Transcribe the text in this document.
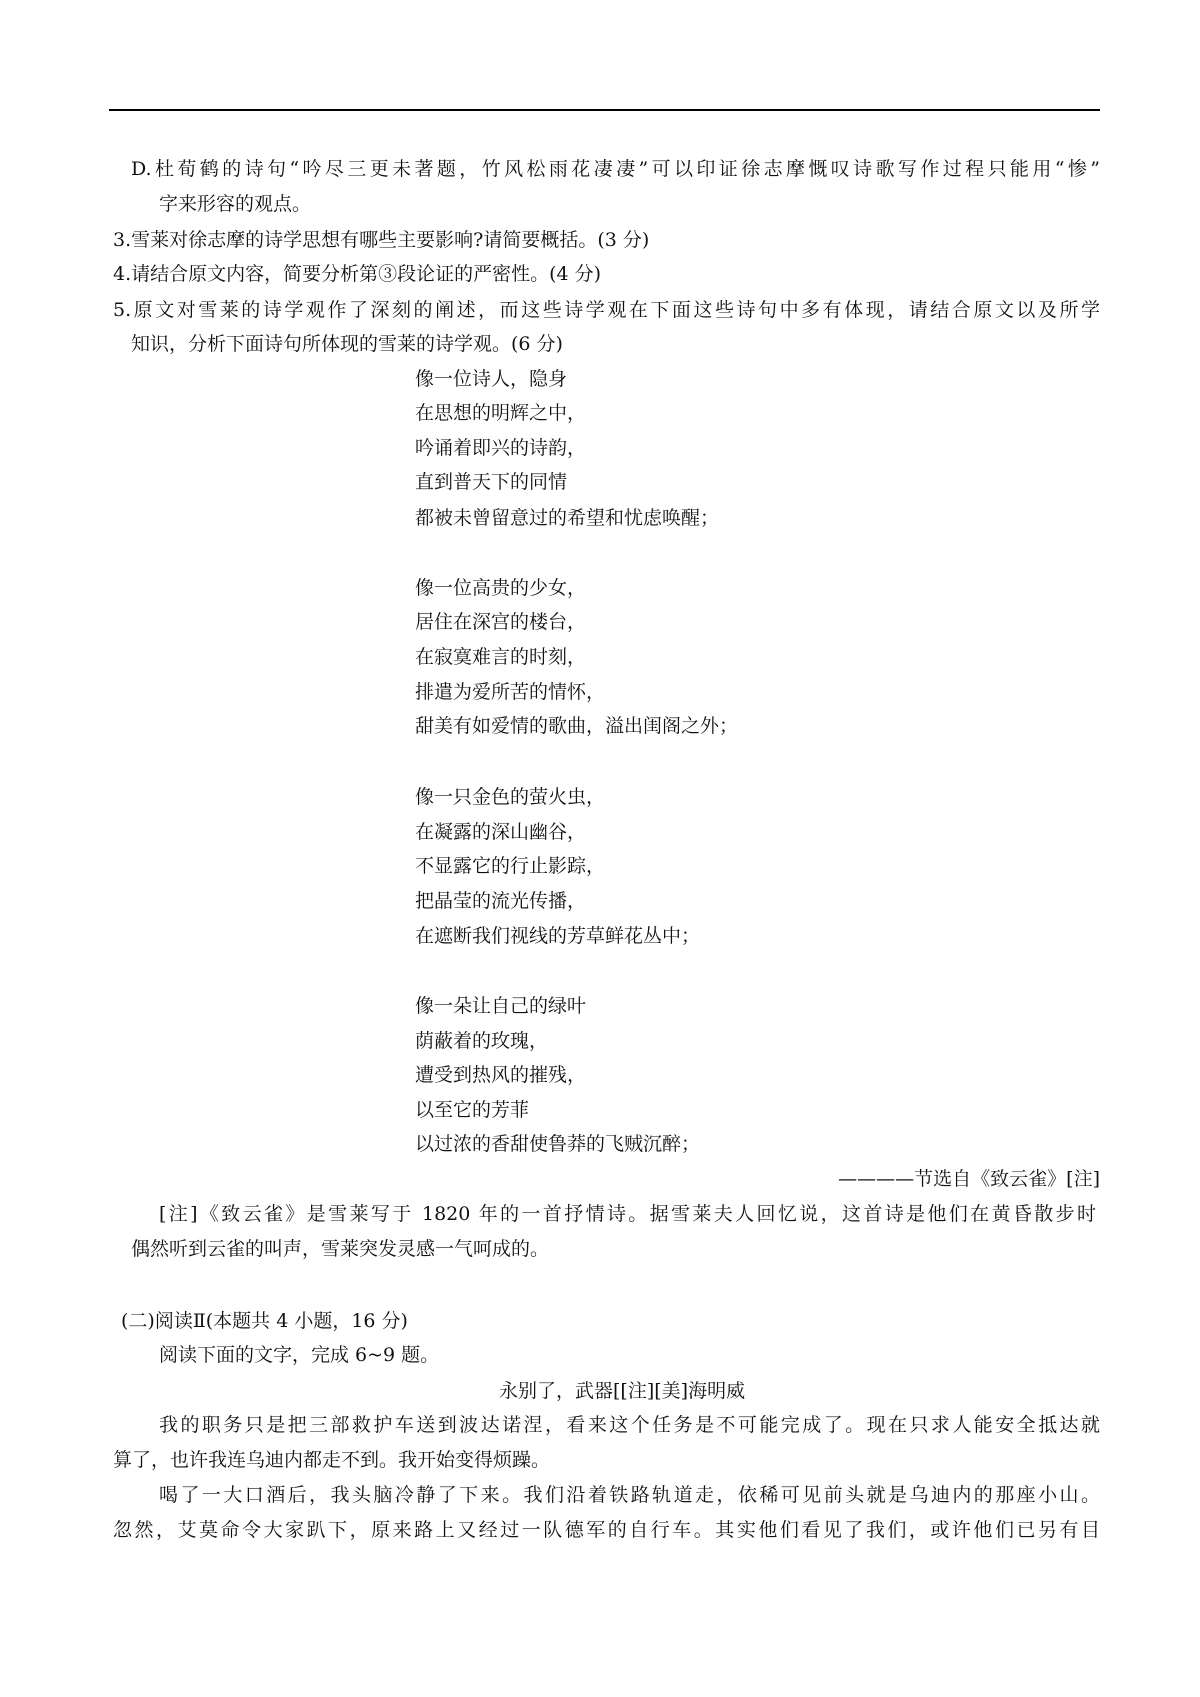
D.杜荀鹤的诗句“吟尽三更未著题，竹风松雨花凄凄”可以印证徐志摩慨叹诗歌写作过程只能用“惨”
字来形容的观点。
3.雪莱对徐志摩的诗学思想有哪些主要影响?请简要概括。(3 分)
4.请结合原文内容，简要分析第③段论证的严密性。(4 分)
5.原文对雪莱的诗学观作了深刻的阐述，而这些诗学观在下面这些诗句中多有体现，请结合原文以及所学
知识，分析下面诗句所体现的雪莱的诗学观。(6 分)
像一位诗人，隐身
在思想的明辉之中，
吟诵着即兴的诗韵，
直到普天下的同情
都被未曾留意过的希望和忧虑唤醒；
像一位高贵的少女，
居住在深宫的楼台，
在寂寞难言的时刻，
排遣为爱所苦的情怀，
甜美有如爱情的歌曲，溢出闺阁之外；
像一只金色的萤火虫，
在凝露的深山幽谷，
不显露它的行止影踪，
把晶莹的流光传播，
在遮断我们视线的芳草鲜花丛中；
像一朵让自己的绿叶
荫蔽着的玫瑰，
遭受到热风的摧残，
以至它的芳菲
以过浓的香甜使鲁莽的飞贼沉醉；
————节选自《致云雀》[注]
[注]《致云雀》是雪莱写于 1820 年的一首抒情诗。据雪莱夫人回忆说，这首诗是他们在黄昏散步时
偶然听到云雀的叫声，雪莱突发灵感一气呵成的。
(二)阅读Ⅱ(本题共 4 小题，16 分)
阅读下面的文字，完成 6~9 题。
永别了，武器[[注][美]海明威
我的职务只是把三部救护车送到波达诺涅，看来这个任务是不可能完成了。现在只求人能安全抵达就
算了，也许我连乌迪内都走不到。我开始变得烦躁。
喝了一大口酒后，我头脑冷静了下来。我们沿着铁路轨道走，依稀可见前头就是乌迪内的那座小山。
忽然，艾莫命令大家趴下，原来路上又经过一队德军的自行车。其实他们看见了我们，或许他们已另有目
